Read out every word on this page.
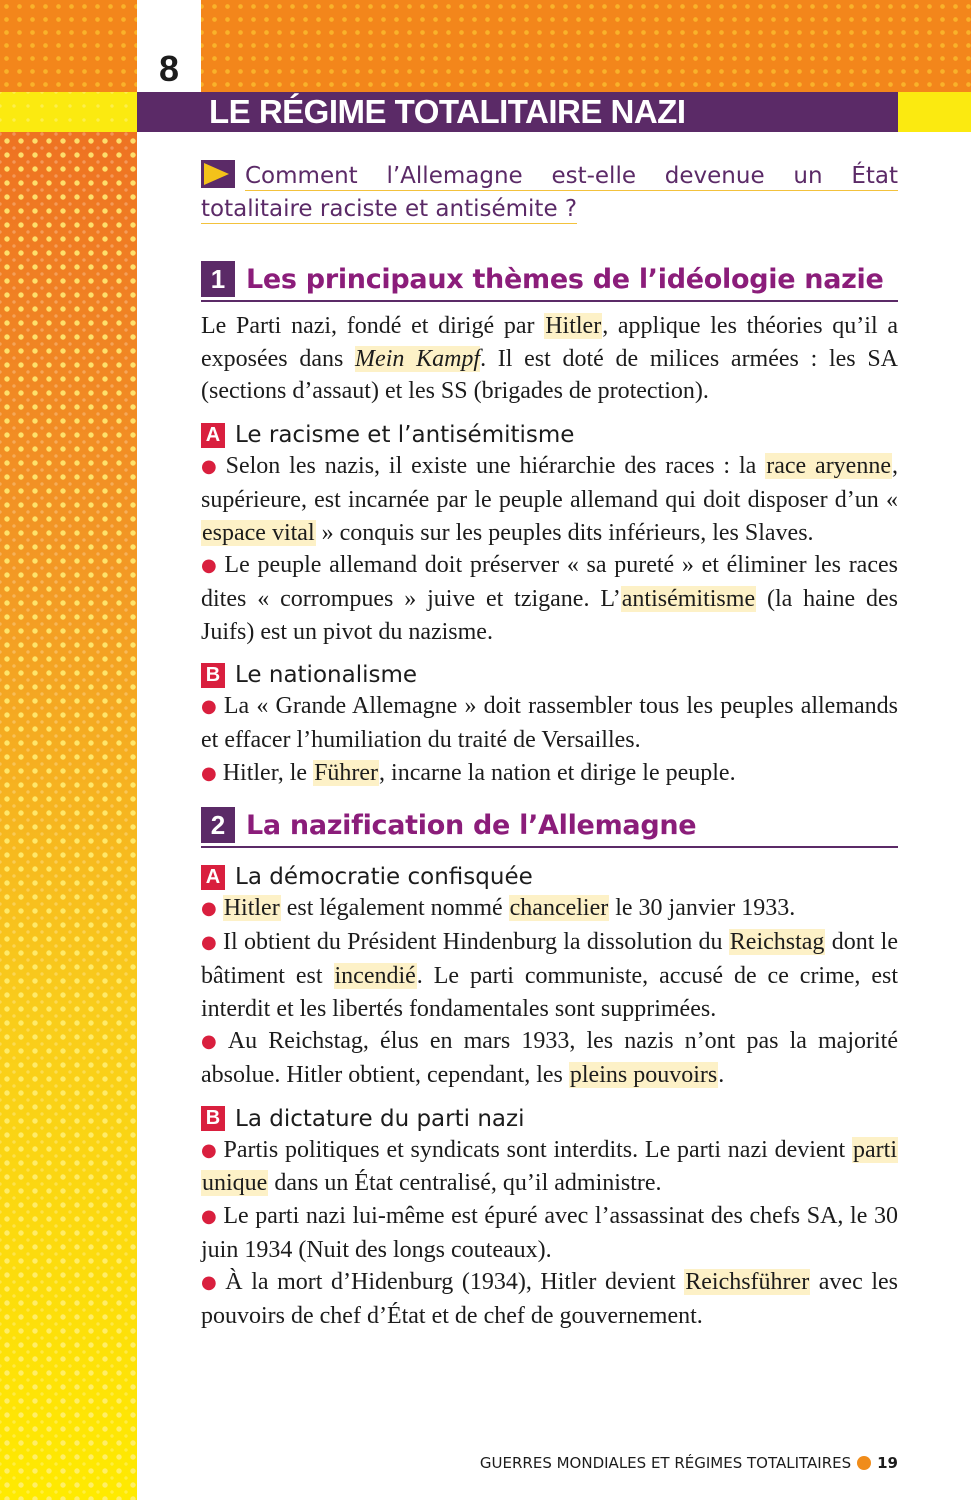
8
LE RÉGIME TOTALITAIRE NAZI
Comment l’Allemagne est-elle devenue un État totalitaire raciste et antisémite ?
1 Les principaux thèmes de l’idéologie nazie

Le Parti nazi, fondé et dirigé par Hitler, applique les théories qu’il a exposées dans Mein Kampf. Il est doté de milices armées : les SA (sections d’assaut) et les SS (brigades de protection).

A Le racisme et l’antisémitisme

● Selon les nazis, il existe une hiérarchie des races : la race aryenne, supérieure, est incarnée par le peuple allemand qui doit disposer d’un « espace vital » conquis sur les peuples dits inférieurs, les Slaves.

● Le peuple allemand doit préserver « sa pureté » et éliminer les races dites « corrompues » juive et tzigane. L’antisémitisme (la haine des Juifs) est un pivot du nazisme.

B Le nationalisme

● La « Grande Allemagne » doit rassembler tous les peuples allemands et effacer l’humiliation du traité de Versailles.

● Hitler, le Führer, incarne la nation et dirige le peuple.

2 La nazification de l’Allemagne
A La démocratie confisquée

● Hitler est légalement nommé chancelier le 30 janvier 1933.

● Il obtient du Président Hindenburg la dissolution du Reichstag dont le bâtiment est incendié. Le parti communiste, accusé de ce crime, est interdit et les libertés fondamentales sont supprimées.

● Au Reichstag, élus en mars 1933, les nazis n’ont pas la majorité absolue. Hitler obtient, cependant, les pleins pouvoirs.

B La dictature du parti nazi

● Partis politiques et syndicats sont interdits. Le parti nazi devient parti unique dans un État centralisé, qu’il administre.

● Le parti nazi lui-même est épuré avec l’assassinat des chefs SA, le 30 juin 1934 (Nuit des longs couteaux).

● À la mort d’Hidenburg (1934), Hitler devient Reichsführer avec les pouvoirs de chef d’État et de chef de gouvernement.

GUERRES MONDIALES ET RÉGIMES TOTALITAIRES 19
